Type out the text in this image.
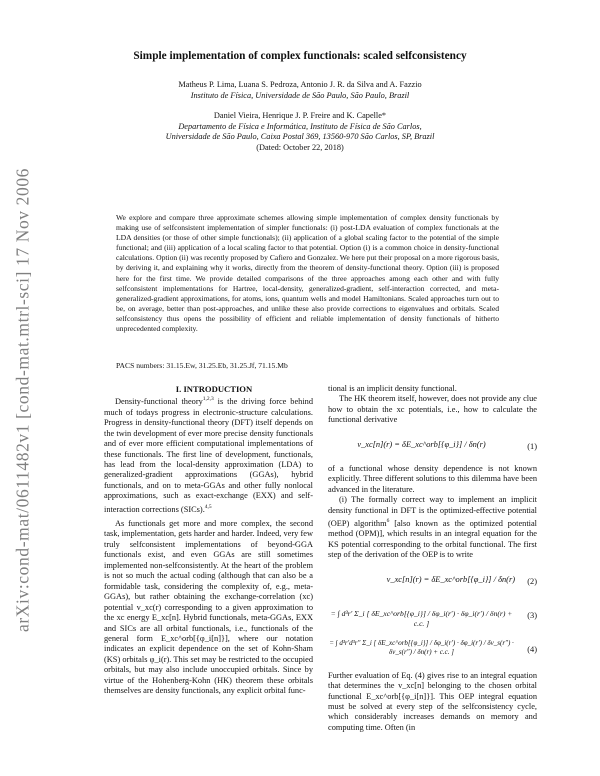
arXiv:cond-mat/0611482v1 [cond-mat.mtrl-sci] 17 Nov 2006
Simple implementation of complex functionals: scaled selfconsistency
Matheus P. Lima, Luana S. Pedroza, Antonio J. R. da Silva and A. Fazzio
Instituto de Física, Universidade de São Paulo, São Paulo, Brazil
Daniel Vieira, Henrique J. P. Freire and K. Capelle*
Departamento de Física e Informática, Instituto de Física de São Carlos,
Universidade de São Paulo, Caixa Postal 369, 13560-970 São Carlos, SP, Brazil
(Dated: October 22, 2018)
We explore and compare three approximate schemes allowing simple implementation of complex density functionals by making use of selfconsistent implementation of simpler functionals: (i) post-LDA evaluation of complex functionals at the LDA densities (or those of other simple functionals); (ii) application of a global scaling factor to the potential of the simple functional; and (iii) application of a local scaling factor to that potential. Option (i) is a common choice in density-functional calculations. Option (ii) was recently proposed by Cafiero and Gonzalez. We here put their proposal on a more rigorous basis, by deriving it, and explaining why it works, directly from the theorem of density-functional theory. Option (iii) is proposed here for the first time. We provide detailed comparisons of the three approaches among each other and with fully selfconsistent implementations for Hartree, local-density, generalized-gradient, self-interaction corrected, and meta-generalized-gradient approximations, for atoms, ions, quantum wells and model Hamiltonians. Scaled approaches turn out to be, on average, better than post-approaches, and unlike these also provide corrections to eigenvalues and orbitals. Scaled selfconsistency thus opens the possibility of efficient and reliable implementation of density functionals of hitherto unprecedented complexity.
PACS numbers: 31.15.Ew, 31.25.Eb, 31.25.Jf, 71.15.Mb

I. INTRODUCTION

Density-functional theory$^{1,2,3}$ is the driving force behind much of todays progress in electronic-structure calculations. Progress in density-functional theory (DFT) itself depends on the twin development of ever more precise density functionals and of ever more efficient computational implementations of these functionals. The first line of development, functionals, has lead from the local-density approximation (LDA) to generalized-gradient approximations (GGAs), hybrid functionals, and on to meta-GGAs and other fully nonlocal approximations, such as exact-exchange (EXX) and self-interaction corrections (SICs).$^{4,5}$

As functionals get more and more complex, the second task, implementation, gets harder and harder. Indeed, very few truly selfconsistent implementations of beyond-GGA functionals exist, and even GGAs are still sometimes implemented non-selfconsistently. At the heart of the problem is not so much the actual coding (although that can also be a formidable task, considering the complexity of, e.g., meta-GGAs), but rather obtaining the exchange-correlation (xc) potential v_xc(r) corresponding to a given approximation to the xc energy E_xc[n]. Hybrid functionals, meta-GGAs, EXX and SICs are all orbital functionals, i.e., functionals of the general form E_xc^orb[{φ_i[n]}], where our notation indicates an explicit dependence on the set of Kohn-Sham (KS) orbitals φ_i(r). This set may be restricted to the occupied orbitals, but may also include unoccupied orbitals. Since by virtue of the Hohenberg-Kohn (HK) theorem these orbitals themselves are density functionals, any explicit orbital func-

tional is an implicit density functional.

The HK theorem itself, however, does not provide any clue how to obtain the xc potentials, i.e., how to calculate the functional derivative

v_xc[n](r) = δE_xc^orb[{φ_i}] / δn(r)	(1)

of a functional whose density dependence is not known explicitly. Three different solutions to this dilemma have been advanced in the literature.

(i) The formally correct way to implement an implicit density functional in DFT is the optimized-effective potential (OEP) algorithm$^6$ [also known as the optimized potential method (OPM)], which results in an integral equation for the KS potential corresponding to the orbital functional. The first step of the derivation of the OEP is to write

v_xc[n](r) = δE_xc^orb[{φ_i}] / δn(r) (2)
= ∫ d³r′ Σ_i [ δE_xc^orb[{φ_i}] / δφ_i(r′) · δφ_i(r′) / δn(r) + c.c. ]
(3)
= ∫ d³r′d³r″ Σ_i [ δE_xc^orb[{φ_i}] / δφ_i(r′) · δφ_i(r′) / δv_s(r″) · δv_s(r″) / δn(r) + c.c. ]	(4)

Further evaluation of Eq. (4) gives rise to an integral equation that determines the v_xc[n] belonging to the chosen orbital functional E_xc^orb[{φ_i[n]}]. This OEP integral equation must be solved at every step of the selfconsistency cycle, which considerably increases demands on memory and computing time. Often (in
